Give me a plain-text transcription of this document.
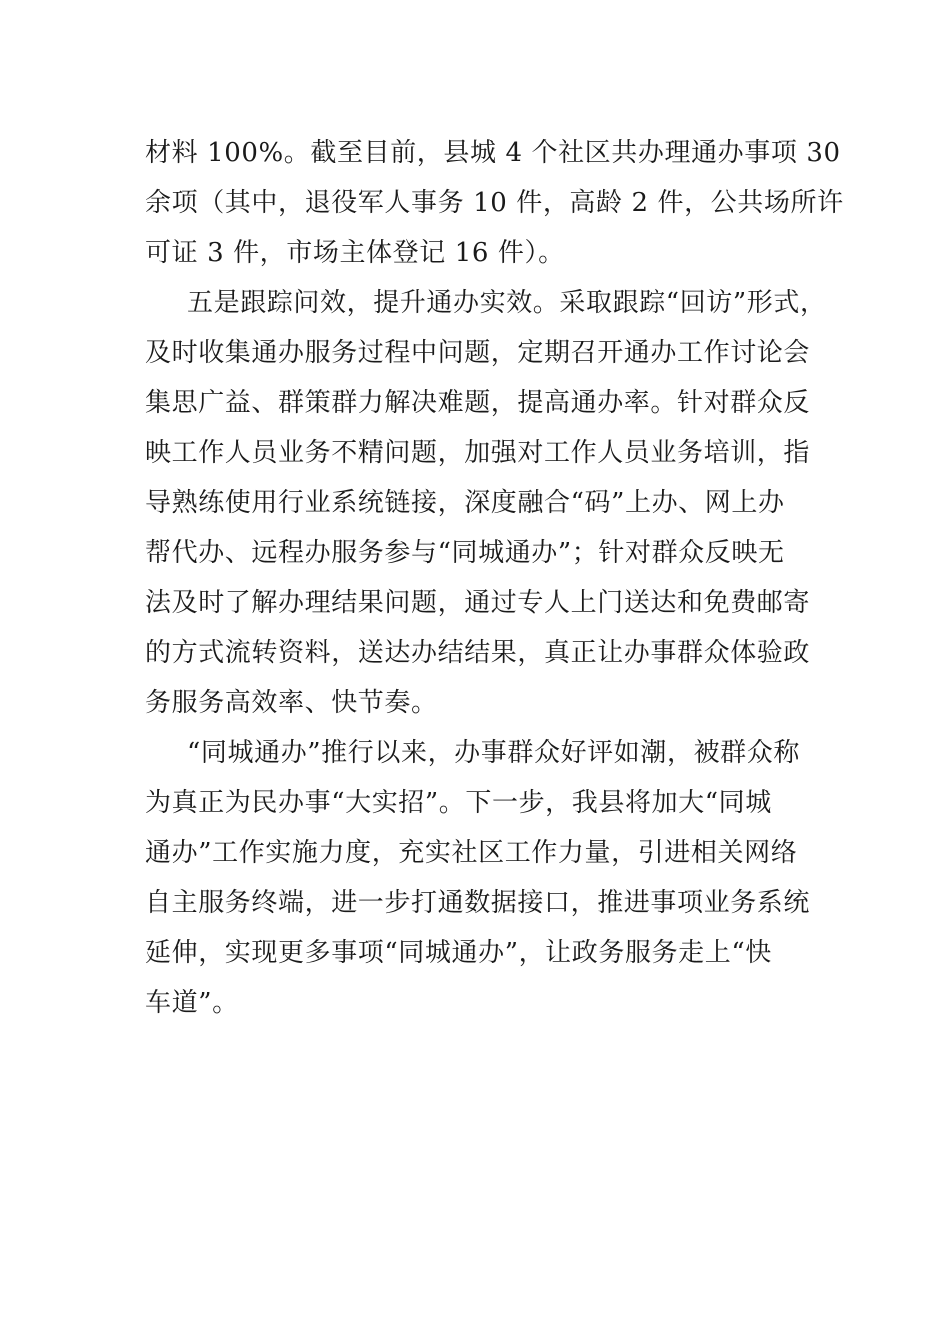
材料 100%。截至目前，县城 4 个社区共办理通办事项 30
余项（其中，退役军人事务 10 件，高龄 2 件，公共场所许
可证 3 件，市场主体登记 16 件）。
五是跟踪问效，提升通办实效。采取跟踪“回访”形式，
及时收集通办服务过程中问题，定期召开通办工作讨论会
集思广益、群策群力解决难题，提高通办率。针对群众反
映工作人员业务不精问题，加强对工作人员业务培训，指
导熟练使用行业系统链接，深度融合“码”上办、网上办
帮代办、远程办服务参与“同城通办”；针对群众反映无
法及时了解办理结果问题，通过专人上门送达和免费邮寄
的方式流转资料，送达办结结果，真正让办事群众体验政
务服务高效率、快节奏。
“同城通办”推行以来，办事群众好评如潮，被群众称
为真正为民办事“大实招”。下一步，我县将加大“同城
通办”工作实施力度，充实社区工作力量，引进相关网络
自主服务终端，进一步打通数据接口，推进事项业务系统
延伸，实现更多事项“同城通办”，让政务服务走上“快
车道”。
